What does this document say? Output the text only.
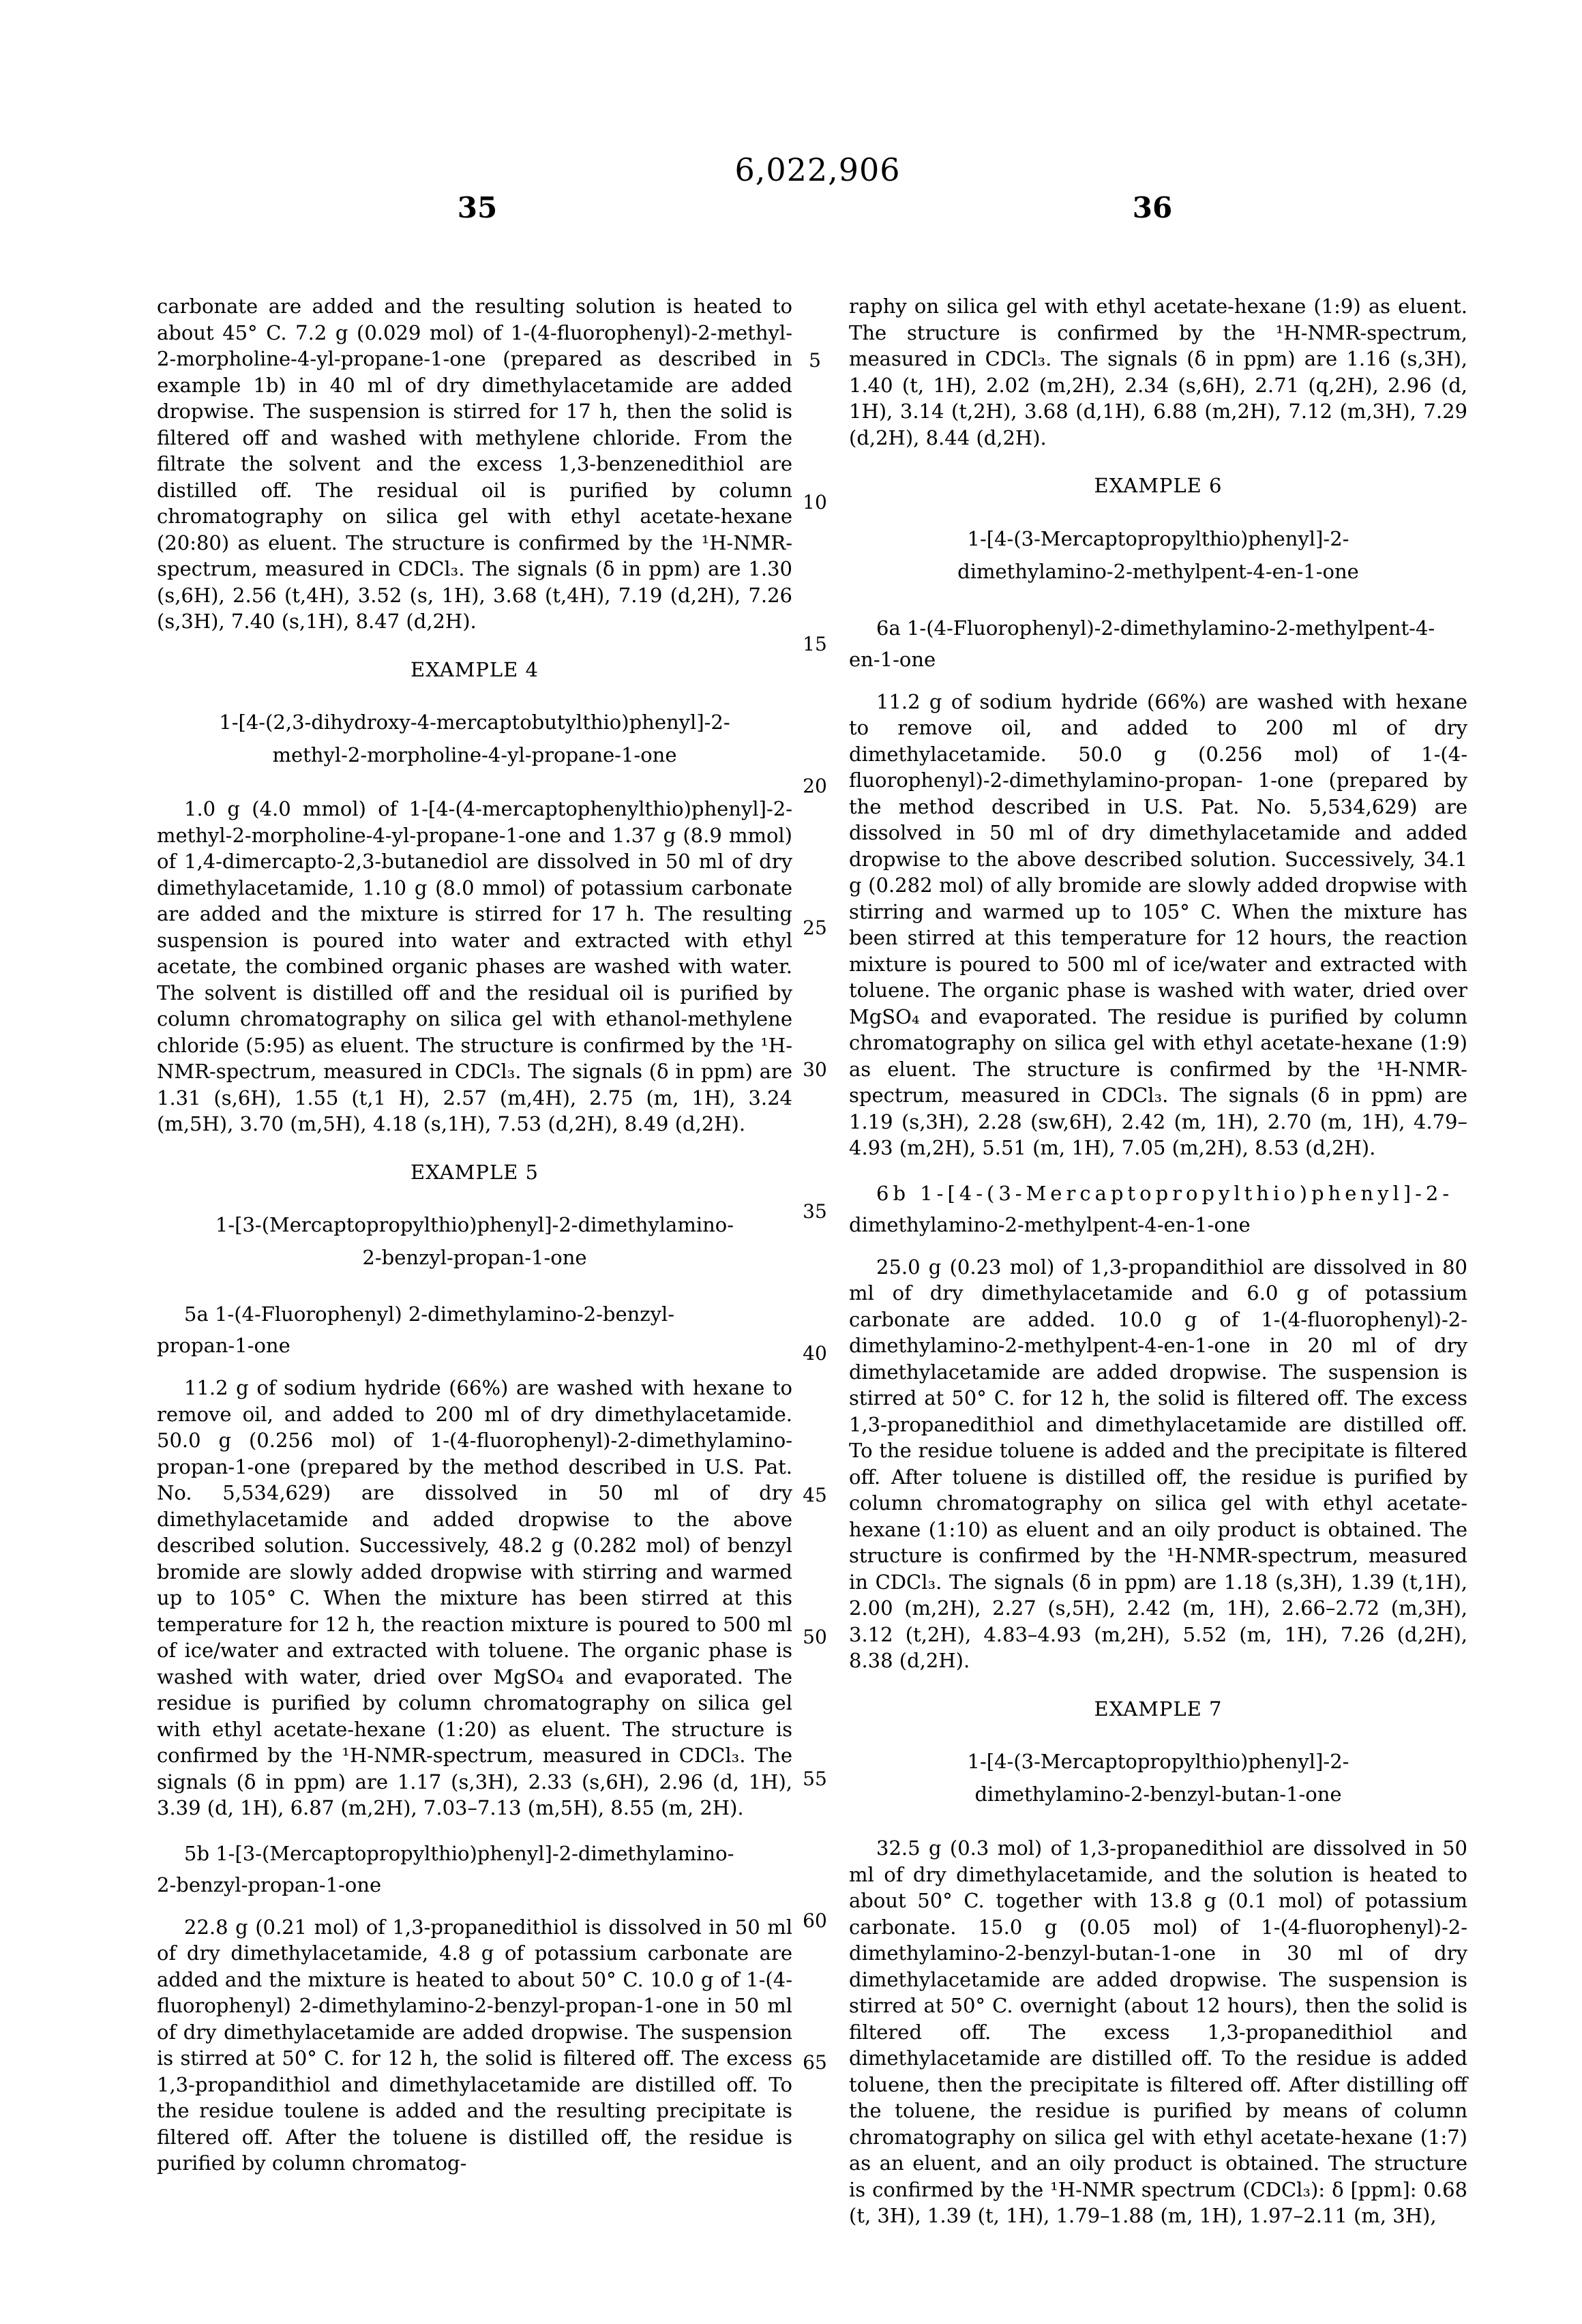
6,022,906
35	36
5
10
15
20
25
30
35
40
45
50
55
60
65
carbonate are added and the resulting solution is heated to about 45° C. 7.2 g (0.029 mol) of 1-(4-fluorophenyl)-2-methyl-2-morpholine-4-yl-propane-1-one (prepared as described in example 1b) in 40 ml of dry dimethylacetamide are added dropwise. The suspension is stirred for 17 h, then the solid is filtered off and washed with methylene chloride. From the filtrate the solvent and the excess 1,3-benzenedithiol are distilled off. The residual oil is purified by column chromatography on silica gel with ethyl acetate-hexane (20:80) as eluent. The structure is confirmed by the ¹H-NMR-spectrum, measured in CDCl₃. The signals (δ in ppm) are 1.30 (s,6H), 2.56 (t,4H), 3.52 (s, 1H), 3.68 (t,4H), 7.19 (d,2H), 7.26 (s,3H), 7.40 (s,1H), 8.47 (d,2H).
EXAMPLE 4
1-[4-(2,3-dihydroxy-4-mercaptobutylthio)phenyl]-2-
methyl-2-morpholine-4-yl-propane-1-one
1.0 g (4.0 mmol) of 1-[4-(4-mercaptophenylthio)phenyl]-2-methyl-2-morpholine-4-yl-propane-1-one and 1.37 g (8.9 mmol) of 1,4-dimercapto-2,3-butanediol are dissolved in 50 ml of dry dimethylacetamide, 1.10 g (8.0 mmol) of potassium carbonate are added and the mixture is stirred for 17 h. The resulting suspension is poured into water and extracted with ethyl acetate, the combined organic phases are washed with water. The solvent is distilled off and the residual oil is purified by column chromatography on silica gel with ethanol-methylene chloride (5:95) as eluent. The structure is confirmed by the ¹H-NMR-spectrum, measured in CDCl₃. The signals (δ in ppm) are 1.31 (s,6H), 1.55 (t,1 H), 2.57 (m,4H), 2.75 (m, 1H), 3.24 (m,5H), 3.70 (m,5H), 4.18 (s,1H), 7.53 (d,2H), 8.49 (d,2H).
EXAMPLE 5
1-[3-(Mercaptopropylthio)phenyl]-2-dimethylamino-
2-benzyl-propan-1-one
5a 1-(4-Fluorophenyl) 2-dimethylamino-2-benzyl-
propan-1-one
11.2 g of sodium hydride (66%) are washed with hexane to remove oil, and added to 200 ml of dry dimethylacetamide. 50.0 g (0.256 mol) of 1-(4-fluorophenyl)-2-dimethylamino-propan-1-one (prepared by the method described in U.S. Pat. No. 5,534,629) are dissolved in 50 ml of dry dimethylacetamide and added dropwise to the above described solution. Successively, 48.2 g (0.282 mol) of benzyl bromide are slowly added dropwise with stirring and warmed up to 105° C. When the mixture has been stirred at this temperature for 12 h, the reaction mixture is poured to 500 ml of ice/water and extracted with toluene. The organic phase is washed with water, dried over MgSO₄ and evaporated. The residue is purified by column chromatography on silica gel with ethyl acetate-hexane (1:20) as eluent. The structure is confirmed by the ¹H-NMR-spectrum, measured in CDCl₃. The signals (δ in ppm) are 1.17 (s,3H), 2.33 (s,6H), 2.96 (d, 1H), 3.39 (d, 1H), 6.87 (m,2H), 7.03–7.13 (m,5H), 8.55 (m, 2H).
5b 1-[3-(Mercaptopropylthio)phenyl]-2-dimethylamino-
2-benzyl-propan-1-one
22.8 g (0.21 mol) of 1,3-propanedithiol is dissolved in 50 ml of dry dimethylacetamide, 4.8 g of potassium carbonate are added and the mixture is heated to about 50° C. 10.0 g of 1-(4-fluorophenyl) 2-dimethylamino-2-benzyl-propan-1-one in 50 ml of dry dimethylacetamide are added dropwise. The suspension is stirred at 50° C. for 12 h, the solid is filtered off. The excess 1,3-propandithiol and dimethylacetamide are distilled off. To the residue toulene is added and the resulting precipitate is filtered off. After the toluene is distilled off, the residue is purified by column chromatog-
raphy on silica gel with ethyl acetate-hexane (1:9) as eluent. The structure is confirmed by the ¹H-NMR-spectrum, measured in CDCl₃. The signals (δ in ppm) are 1.16 (s,3H), 1.40 (t, 1H), 2.02 (m,2H), 2.34 (s,6H), 2.71 (q,2H), 2.96 (d, 1H), 3.14 (t,2H), 3.68 (d,1H), 6.88 (m,2H), 7.12 (m,3H), 7.29 (d,2H), 8.44 (d,2H).
EXAMPLE 6
1-[4-(3-Mercaptopropylthio)phenyl]-2-
dimethylamino-2-methylpent-4-en-1-one
6a 1-(4-Fluorophenyl)-2-dimethylamino-2-methylpent-4-
en-1-one
11.2 g of sodium hydride (66%) are washed with hexane to remove oil, and added to 200 ml of dry dimethylacetamide. 50.0 g (0.256 mol) of 1-(4-fluorophenyl)-2-dimethylamino-propan- 1-one (prepared by the method described in U.S. Pat. No. 5,534,629) are dissolved in 50 ml of dry dimethylacetamide and added dropwise to the above described solution. Successively, 34.1 g (0.282 mol) of ally bromide are slowly added dropwise with stirring and warmed up to 105° C. When the mixture has been stirred at this temperature for 12 hours, the reaction mixture is poured to 500 ml of ice/water and extracted with toluene. The organic phase is washed with water, dried over MgSO₄ and evaporated. The residue is purified by column chromatography on silica gel with ethyl acetate-hexane (1:9) as eluent. The structure is confirmed by the ¹H-NMR-spectrum, measured in CDCl₃. The signals (δ in ppm) are 1.19 (s,3H), 2.28 (sw,6H), 2.42 (m, 1H), 2.70 (m, 1H), 4.79–4.93 (m,2H), 5.51 (m, 1H), 7.05 (m,2H), 8.53 (d,2H).
6b 1-[4-(3-Mercaptopropylthio)phenyl]-2-
dimethylamino-2-methylpent-4-en-1-one
25.0 g (0.23 mol) of 1,3-propandithiol are dissolved in 80 ml of dry dimethylacetamide and 6.0 g of potassium carbonate are added. 10.0 g of 1-(4-fluorophenyl)-2-dimethylamino-2-methylpent-4-en-1-one in 20 ml of dry dimethylacetamide are added dropwise. The suspension is stirred at 50° C. for 12 h, the solid is filtered off. The excess 1,3-propanedithiol and dimethylacetamide are distilled off. To the residue toluene is added and the precipitate is filtered off. After toluene is distilled off, the residue is purified by column chromatography on silica gel with ethyl acetate-hexane (1:10) as eluent and an oily product is obtained. The structure is confirmed by the ¹H-NMR-spectrum, measured in CDCl₃. The signals (δ in ppm) are 1.18 (s,3H), 1.39 (t,1H), 2.00 (m,2H), 2.27 (s,5H), 2.42 (m, 1H), 2.66–2.72 (m,3H), 3.12 (t,2H), 4.83–4.93 (m,2H), 5.52 (m, 1H), 7.26 (d,2H), 8.38 (d,2H).
EXAMPLE 7
1-[4-(3-Mercaptopropylthio)phenyl]-2-
dimethylamino-2-benzyl-butan-1-one
32.5 g (0.3 mol) of 1,3-propanedithiol are dissolved in 50 ml of dry dimethylacetamide, and the solution is heated to about 50° C. together with 13.8 g (0.1 mol) of potassium carbonate. 15.0 g (0.05 mol) of 1-(4-fluorophenyl)-2-dimethylamino-2-benzyl-butan-1-one in 30 ml of dry dimethylacetamide are added dropwise. The suspension is stirred at 50° C. overnight (about 12 hours), then the solid is filtered off. The excess 1,3-propanedithiol and dimethylacetamide are distilled off. To the residue is added toluene, then the precipitate is filtered off. After distilling off the toluene, the residue is purified by means of column chromatography on silica gel with ethyl acetate-hexane (1:7) as an eluent, and an oily product is obtained. The structure is confirmed by the ¹H-NMR spectrum (CDCl₃): δ [ppm]: 0.68 (t, 3H), 1.39 (t, 1H), 1.79–1.88 (m, 1H), 1.97–2.11 (m, 3H),
